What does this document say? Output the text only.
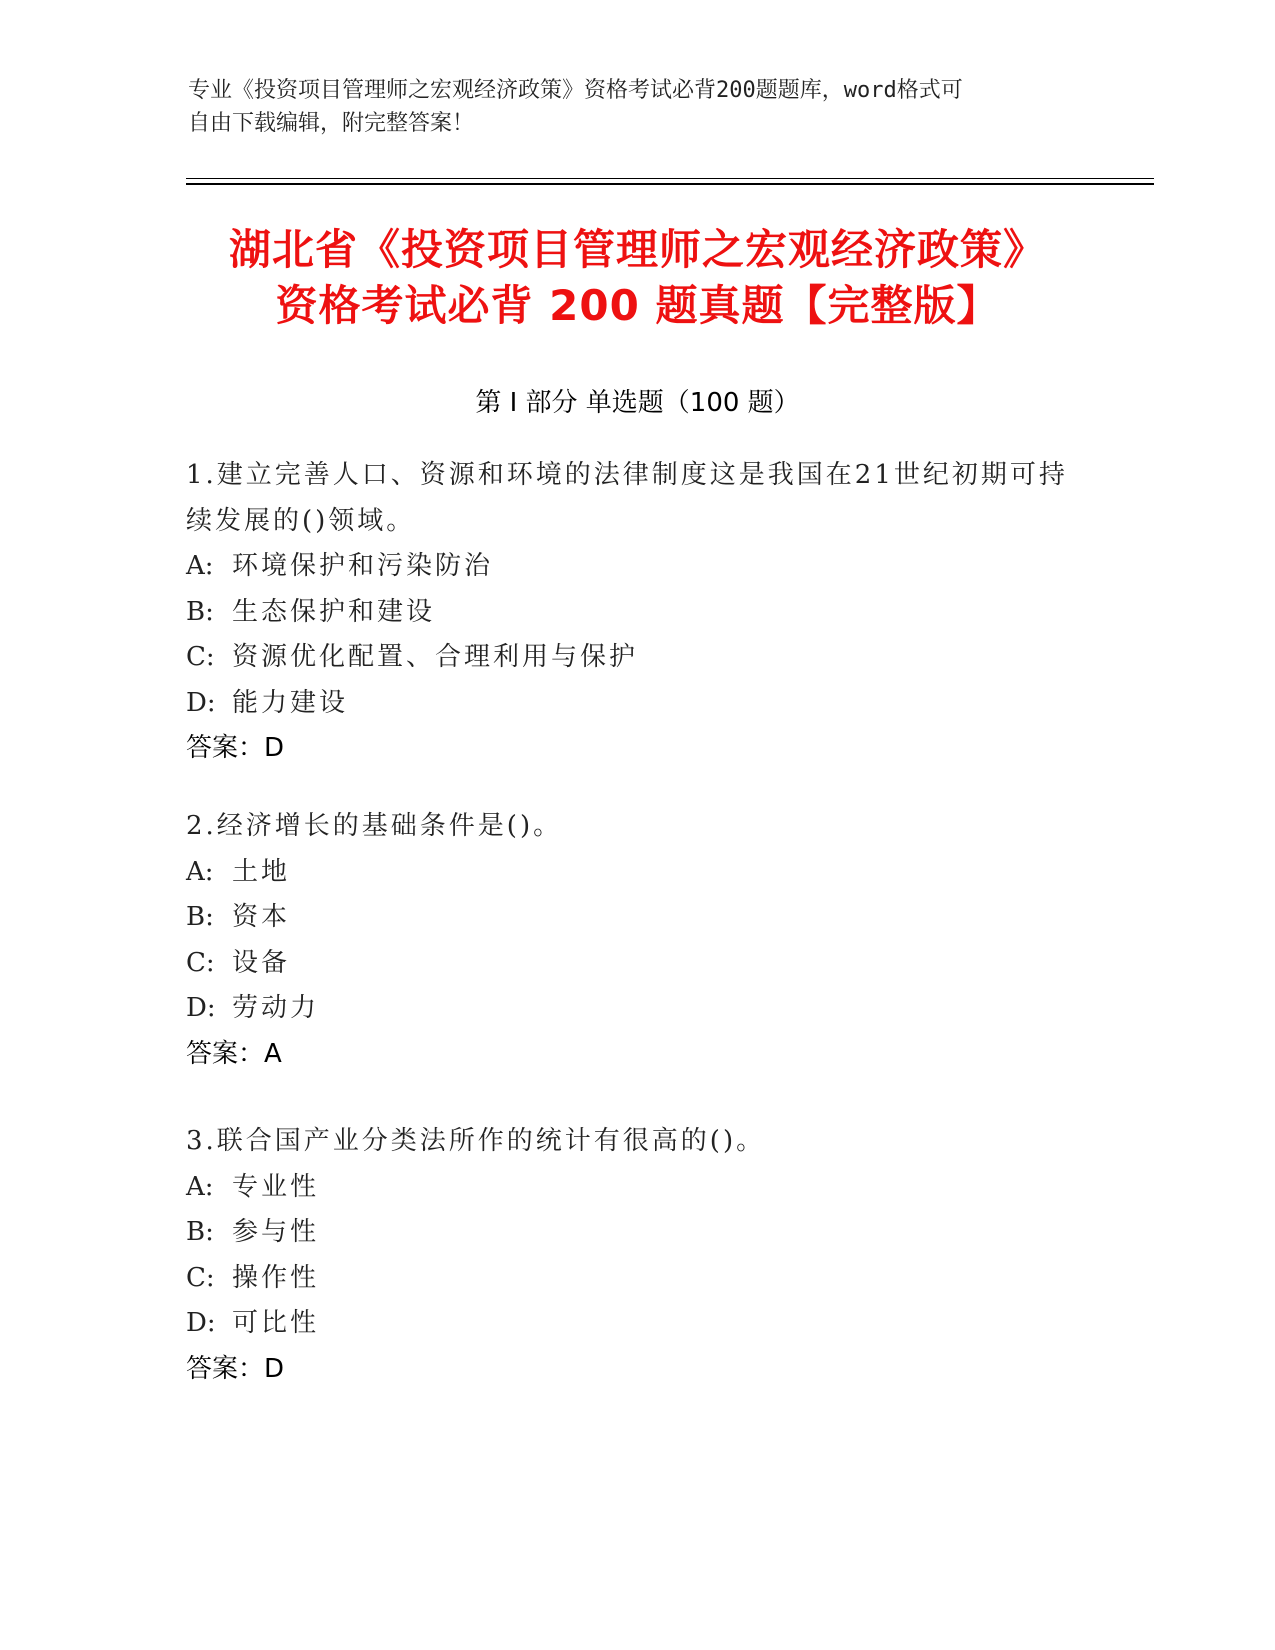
专业《投资项目管理师之宏观经济政策》资格考试必背200题题库，word格式可
自由下载编辑，附完整答案！
湖北省《投资项目管理师之宏观经济政策》
资格考试必背 200 题真题【完整版】
第 I 部分 单选题（100 题）
1.建立完善人口、资源和环境的法律制度这是我国在21世纪初期可持
续发展的()领域。
A: 环境保护和污染防治
B: 生态保护和建设
C: 资源优化配置、合理利用与保护
D: 能力建设
答案：D
2.经济增长的基础条件是()。
A: 土地
B: 资本
C: 设备
D: 劳动力
答案：A
3.联合国产业分类法所作的统计有很高的()。
A: 专业性
B: 参与性
C: 操作性
D: 可比性
答案：D
